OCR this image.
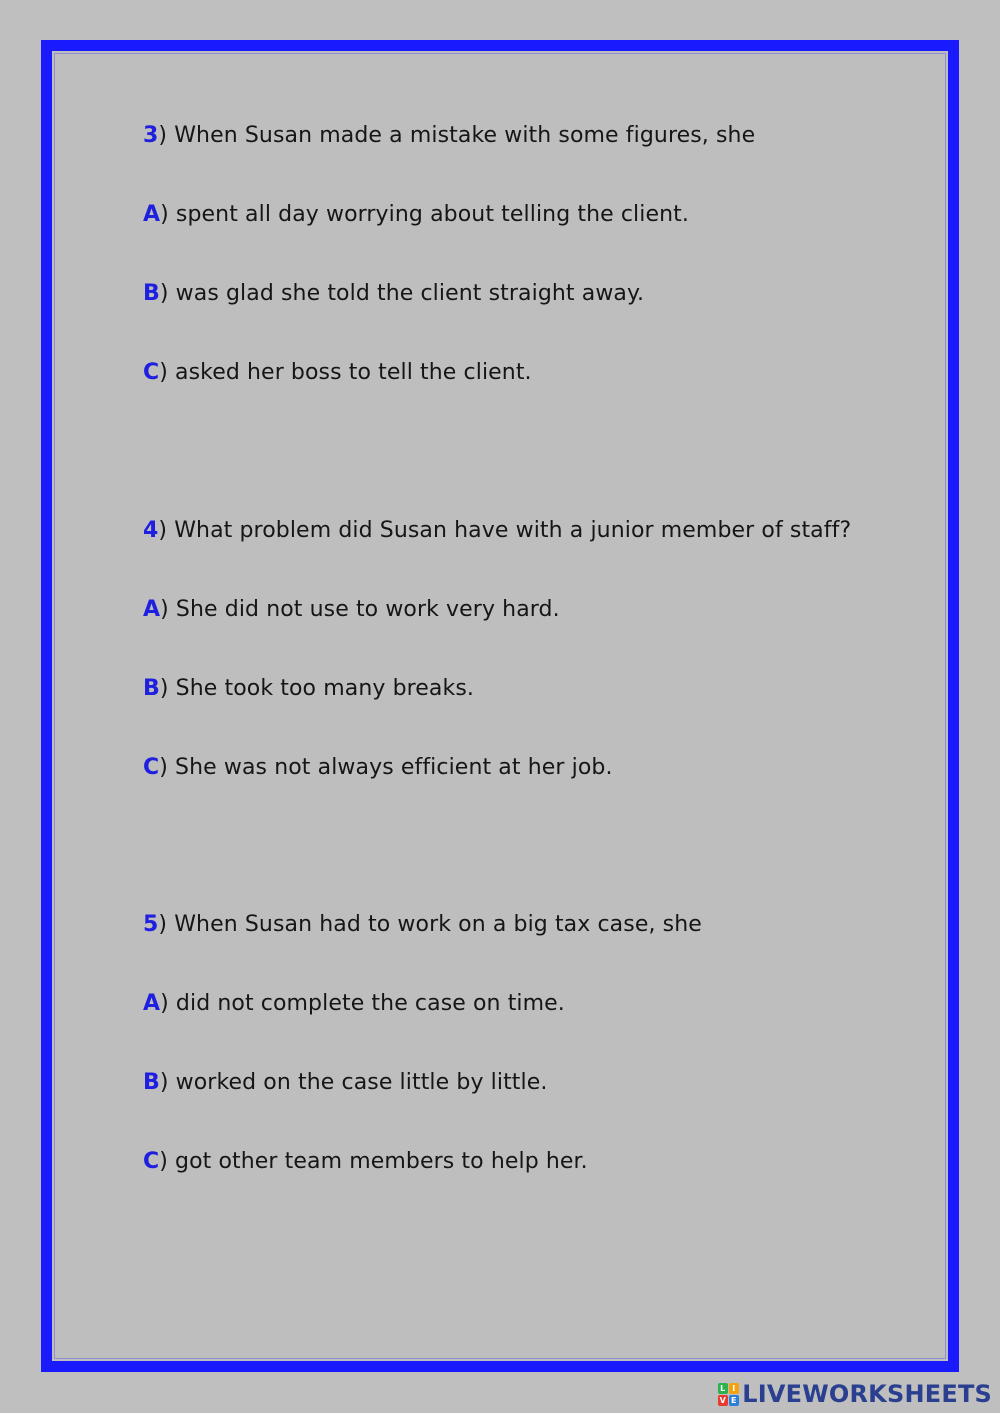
3) When Susan made a mistake with some figures, she
A) spent all day worrying about telling the client.
B) was glad she told the client straight away.
C) asked her boss to tell the client.
4) What problem did Susan have with a junior member of staff?
A) She did not use to work very hard.
B) She took too many breaks.
C) She was not always efficient at her job.
5) When Susan had to work on a big tax case, she
A) did not complete the case on time.
B) worked on the case little by little.
C) got other team members to help her.
L I
V E LIVEWORKSHEETS
